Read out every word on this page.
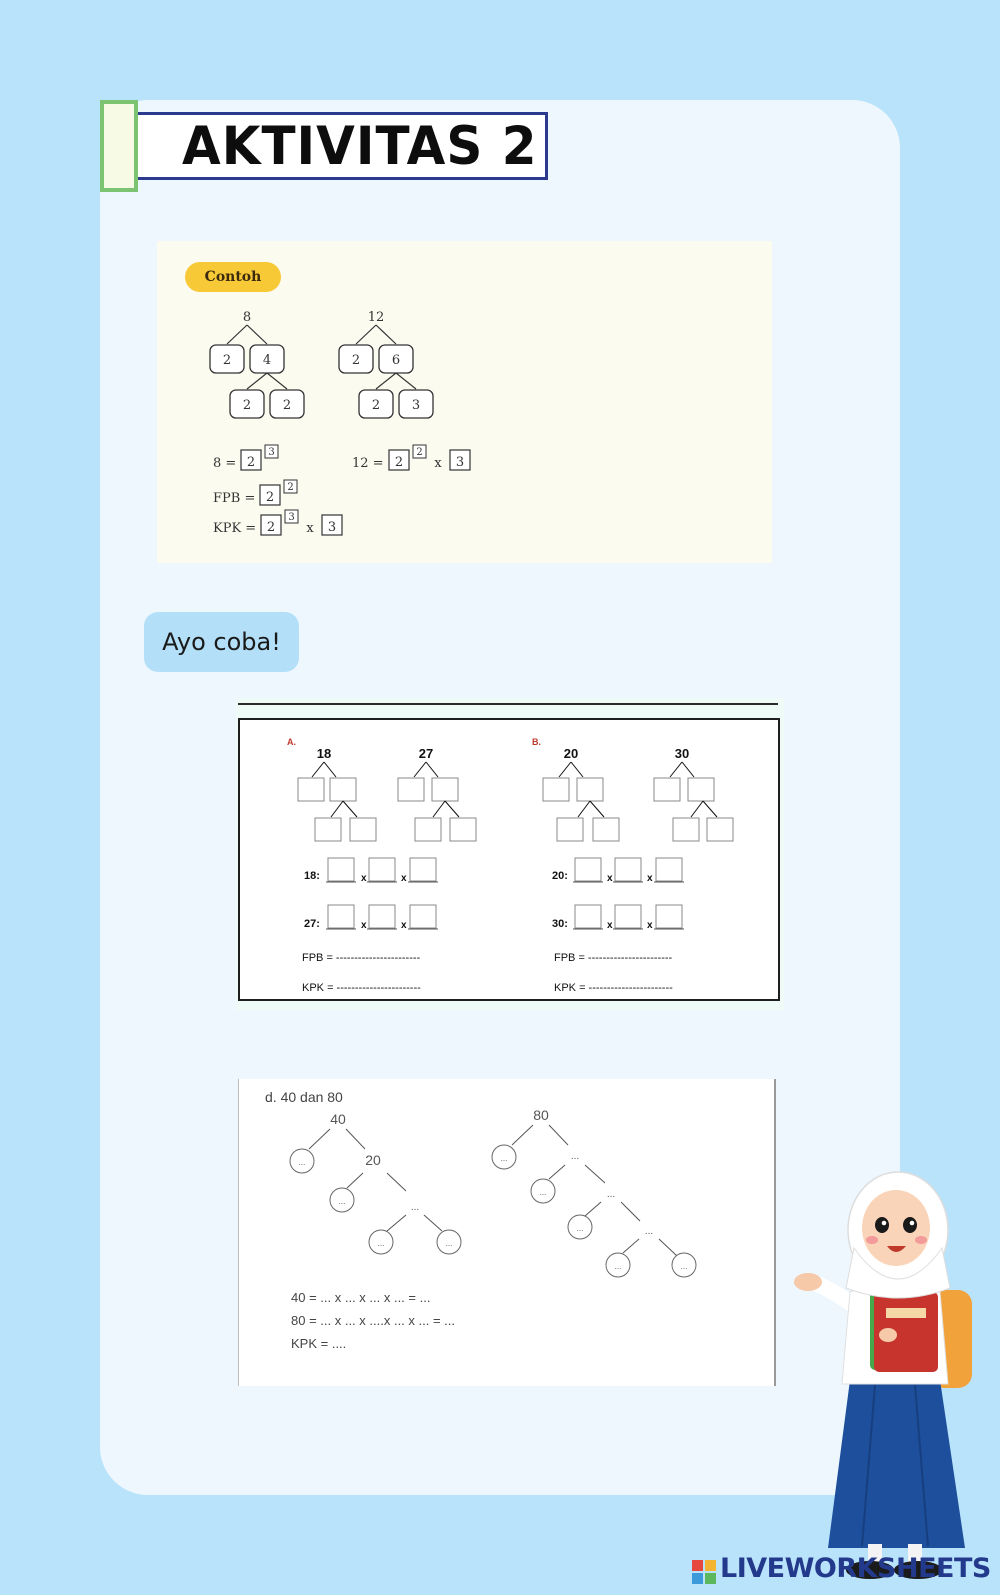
AKTIVITAS 2
Contoh
8
2 4
2 2
12
2 6
2 3
8 = 2
3
12 = 2
2
x 3
FPB = 2
2
KPK = 2
3
x 3
Ayo coba!
A.	B.
18	27	20	30
18:	x	x	20:	x	x
27:	x	x	30:	x	x
FPB = -----------------------
KPK = -----------------------
FPB = -----------------------
KPK = -----------------------
d. 40 dan 80
40
...	20
...
...
...	...
80
...	...
...	...
...	...
...	...
40 = ... x ... x ... x ... = ...
80 = ... x ... x ....x ... x ... = ...
KPK = ....
LIVEWORKSHEETS
